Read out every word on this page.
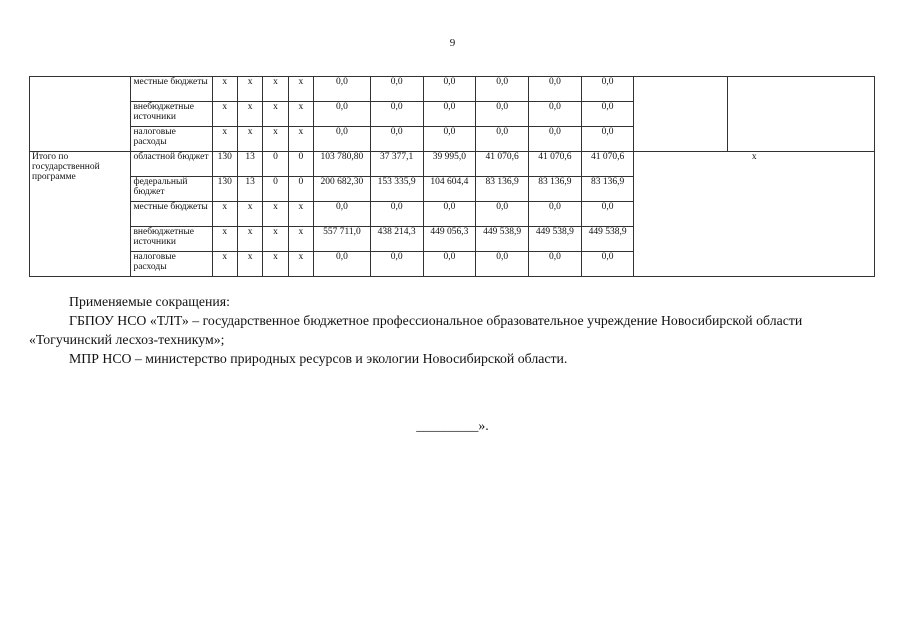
9
	местные бюджеты	x	x	x	x	0,0	0,0	0,0	0,0	0,0	0,0		
	внебюджетные источники	x	x	x	x	0,0	0,0	0,0	0,0	0,0	0,0		
	налоговые расходы	x	x	x	x	0,0	0,0	0,0	0,0	0,0	0,0		
Итого по государственной программе	областной бюджет	130	13	0	0	103 780,80	37 377,1	39 995,0	41 070,6	41 070,6	41 070,6	х	
	федеральный бюджет	130	13	0	0	200 682,30	153 335,9	104 604,4	83 136,9	83 136,9	83 136,9		
	местные бюджеты	x	x	x	x	0,0	0,0	0,0	0,0	0,0	0,0		
	внебюджетные источники	x	x	x	x	557 711,0	438 214,3	449 056,3	449 538,9	449 538,9	449 538,9		
	налоговые расходы	x	x	x	x	0,0	0,0	0,0	0,0	0,0	0,0		
Применяемые сокращения:
ГБПОУ НСО «ТЛТ» – государственное бюджетное профессиональное образовательное учреждение Новосибирской области «Тогучинский лесхоз-техникум»;
МПР НСО – министерство природных ресурсов и экологии Новосибирской области.
_________».
